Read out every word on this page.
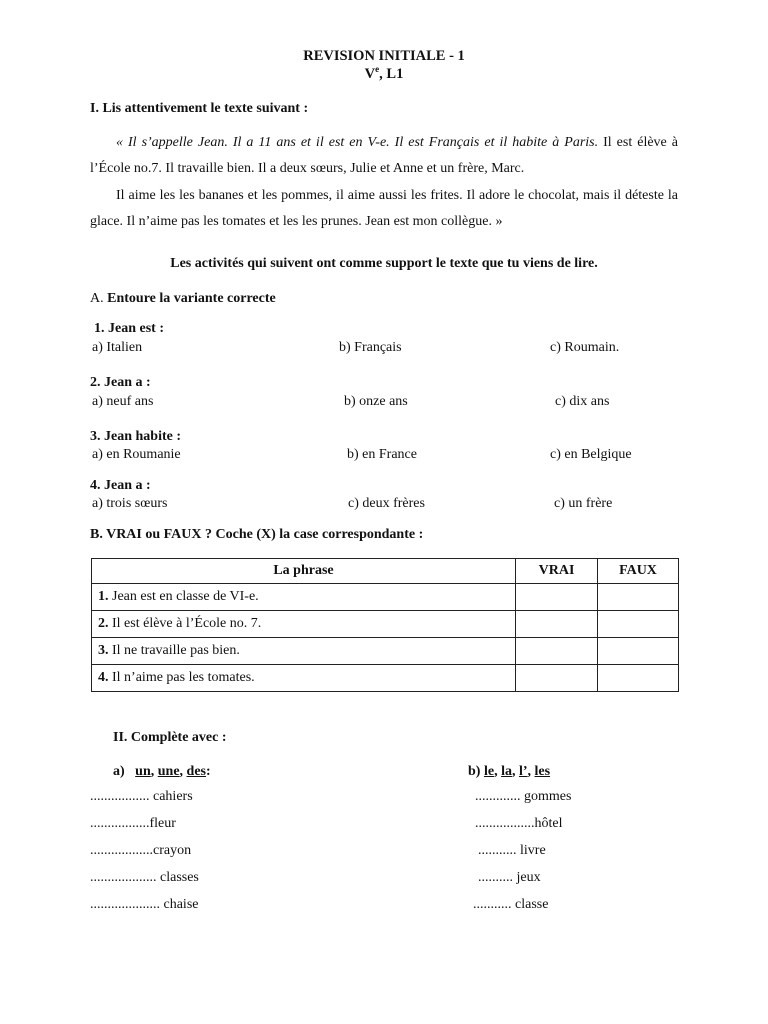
REVISION INITIALE - 1
Ve, L1
I. Lis attentivement le texte suivant :

« Il s’appelle Jean. Il a 11 ans et il est en V-e. Il est Français et il habite à Paris. Il est élève à l’École no.7. Il travaille bien. Il a deux sœurs, Julie et Anne et un frère, Marc.

Il aime les les bananes et les pommes, il aime aussi les frites. Il adore le chocolat, mais il déteste la glace. Il n’aime pas les tomates et les les prunes. Jean est mon collègue. »

Les activités qui suivent ont comme support le texte que tu viens de lire.
A. Entoure la variante correcte
1. Jean est :
a) Italien	b) Français	c) Roumain.
2. Jean a :
a) neuf ans	b) onze ans	c) dix ans
3. Jean habite :
a) en Roumanie	b) en France	c) en Belgique
4. Jean a :
a) trois sœurs	c) deux frères	c) un frère
B. VRAI ou FAUX ? Coche (X) la case correspondante :
La phrase	VRAI	FAUX
1. Jean est en classe de VI-e.		
2. Il est élève à l’École no. 7.		
3. Il ne travaille pas bien.		
4. Il n’aime pas les tomates.		
II. Complète avec :
a) un, une, des:	b) le, la, l’, les
................. cahiers
.................fleur
..................crayon
................... classes
.................... chaise
............. gommes
.................hôtel
........... livre
.......... jeux
........... classe
